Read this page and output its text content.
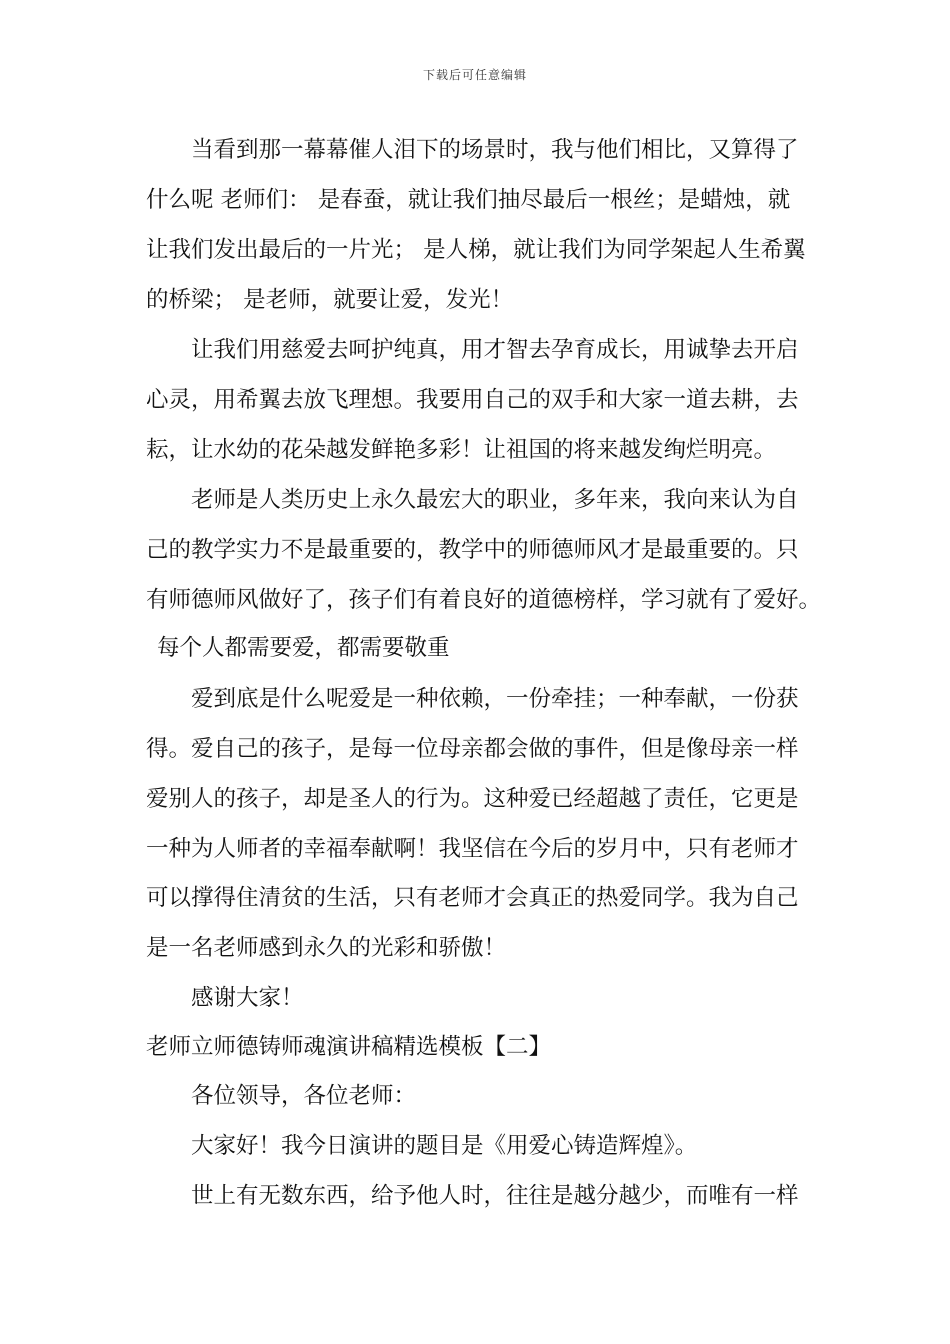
下载后可任意编辑
当看到那一幕幕催人泪下的场景时，我与他们相比，又算得了
什么呢 老师们： 是春蚕，就让我们抽尽最后一根丝；是蜡烛，就
让我们发出最后的一片光； 是人梯，就让我们为同学架起人生希翼
的桥梁； 是老师，就要让爱，发光！
让我们用慈爱去呵护纯真，用才智去孕育成长，用诚挚去开启
心灵，用希翼去放飞理想。我要用自己的双手和大家一道去耕，去
耘，让水幼的花朵越发鲜艳多彩！让祖国的将来越发绚烂明亮。
老师是人类历史上永久最宏大的职业，多年来，我向来认为自
己的教学实力不是最重要的，教学中的师德师风才是最重要的。只
有师德师风做好了，孩子们有着良好的道德榜样，学习就有了爱好。
每个人都需要爱，都需要敬重
爱到底是什么呢爱是一种依赖，一份牵挂；一种奉献，一份获
得。爱自己的孩子，是每一位母亲都会做的事件，但是像母亲一样
爱别人的孩子，却是圣人的行为。这种爱已经超越了责任，它更是
一种为人师者的幸福奉献啊！我坚信在今后的岁月中，只有老师才
可以撑得住清贫的生活，只有老师才会真正的热爱同学。我为自己
是一名老师感到永久的光彩和骄傲！
感谢大家！
老师立师德铸师魂演讲稿精选模板【二】
各位领导，各位老师：
大家好！我今日演讲的题目是《用爱心铸造辉煌》。
世上有无数东西，给予他人时，往往是越分越少，而唯有一样
